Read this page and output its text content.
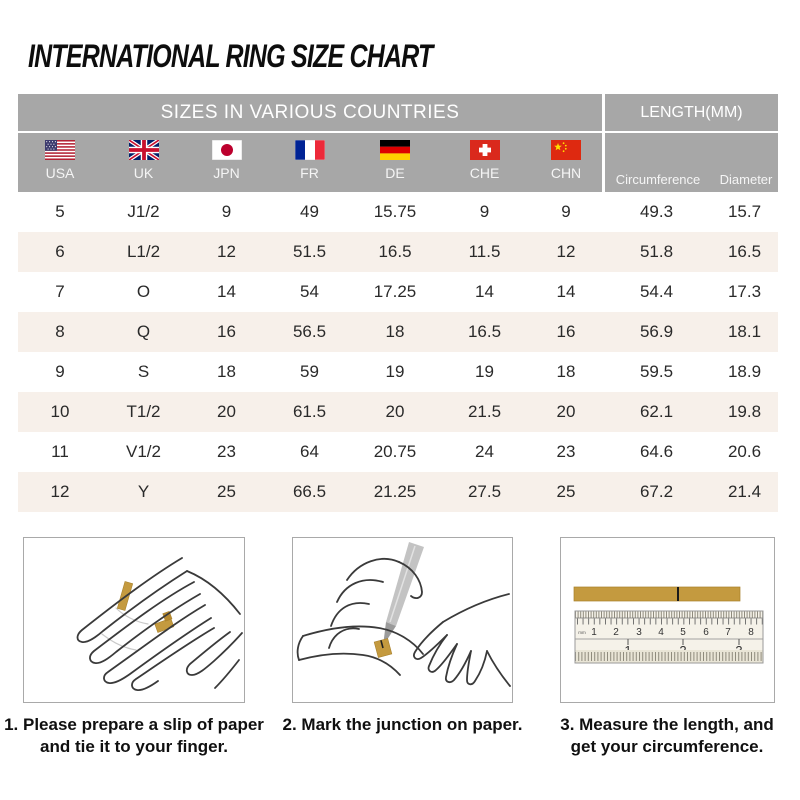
INTERNATIONAL RING SIZE CHART
SIZES IN VARIOUS COUNTRIES	LENGTH(MM)
USA	UK	JPN	FR	DE	CHE	CHN	Circumference	Diameter
5	J1/2	9	49	15.75	9	9	49.3	15.7
6	L1/2	12	51.5	16.5	11.5	12	51.8	16.5
7	O	14	54	17.25	14	14	54.4	17.3
8	Q	16	56.5	18	16.5	16	56.9	18.1
9	S	18	59	19	19	18	59.5	18.9
10	T1/2	20	61.5	20	21.5	20	62.1	19.8
11	V1/2	23	64	20.75	24	23	64.6	20.6
12	Y	25	66.5	21.25	27.5	25	67.2	21.4
mm 1 2 3 4 5 6 7 8
1. Please prepare a slip of paper
and tie it to your finger.
2. Mark the junction on paper.	3. Measure the length, and
get your circumference.
